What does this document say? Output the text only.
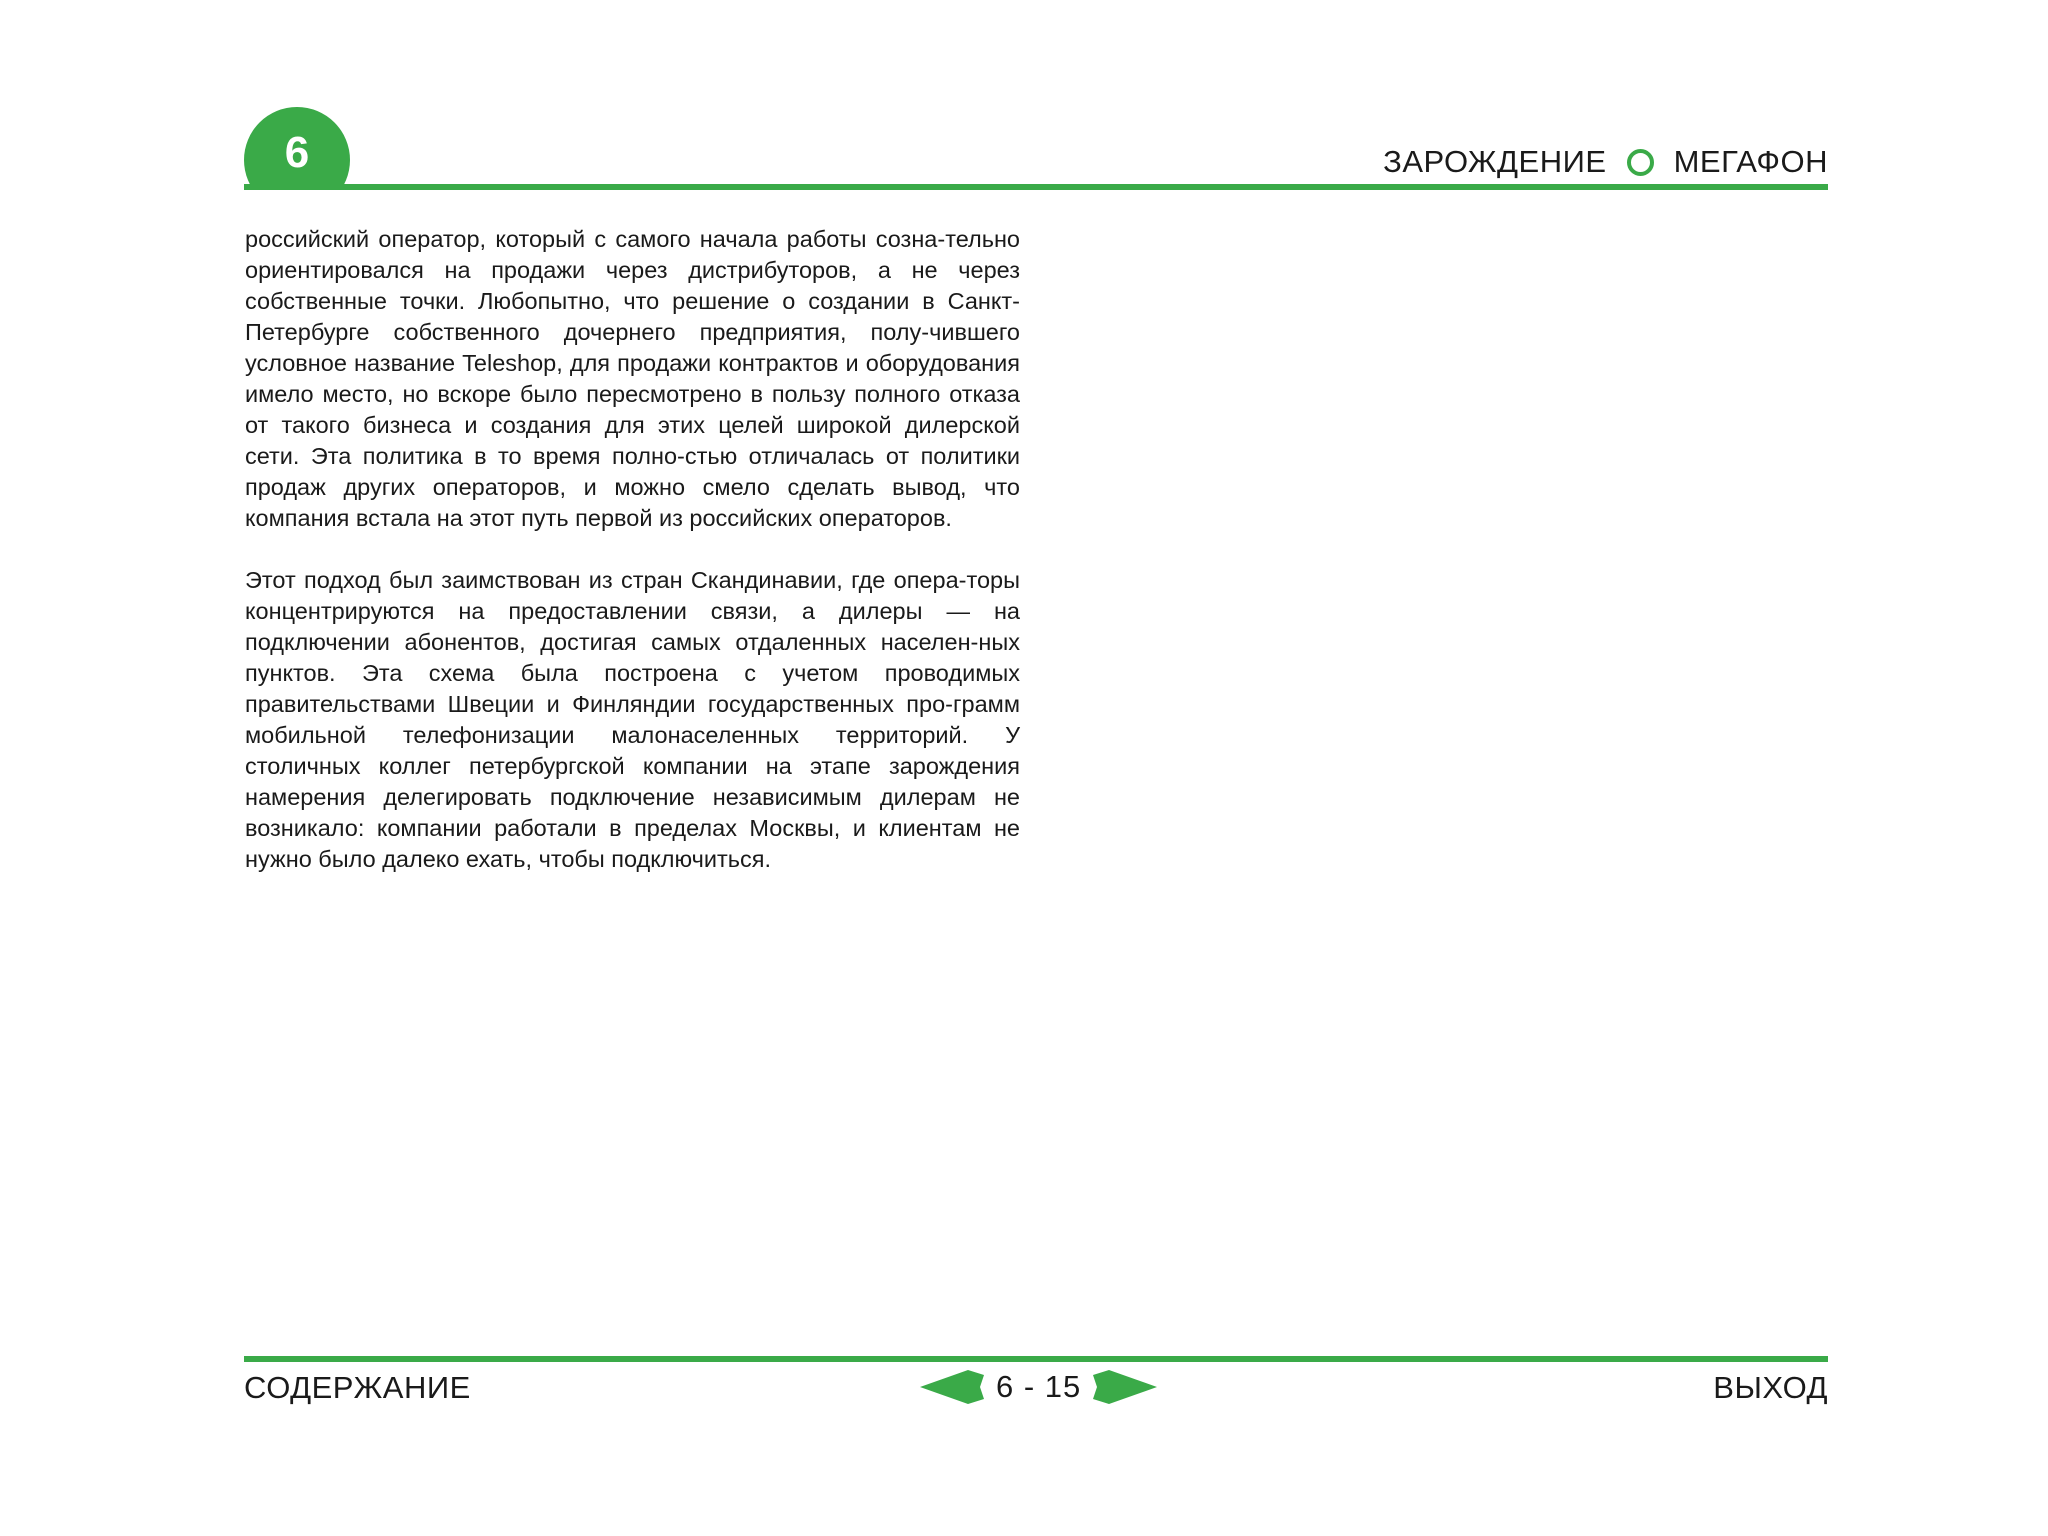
6	ЗАРОЖДЕНИЕ МЕГАФОН

российский оператор, который с самого начала работы созна-тельно ориентировался на продажи через дистрибуторов, а не через собственные точки. Любопытно, что решение о создании в Санкт-Петербурге собственного дочернего предприятия, полу-чившего условное название Teleshop, для продажи контрактов и оборудования имело место, но вскоре было пересмотрено в пользу полного отказа от такого бизнеса и создания для этих целей широкой дилерской сети. Эта политика в то время полно-стью отличалась от политики продаж других операторов, и можно смело сделать вывод, что компания встала на этот путь первой из российских операторов.

Этот подход был заимствован из стран Скандинавии, где опера-торы концентрируются на предоставлении связи, а дилеры — на подключении абонентов, достигая самых отдаленных населен-ных пунктов. Эта схема была построена с учетом проводимых правительствами Швеции и Финляндии государственных про-грамм мобильной телефонизации малонаселенных территорий. У столичных коллег петербургской компании на этапе зарождения намерения делегировать подключение независимым дилерам не возникало: компании работали в пределах Москвы, и клиентам не нужно было далеко ехать, чтобы подключиться.

СОДЕРЖАНИЕ	6 - 15	ВЫХОД
